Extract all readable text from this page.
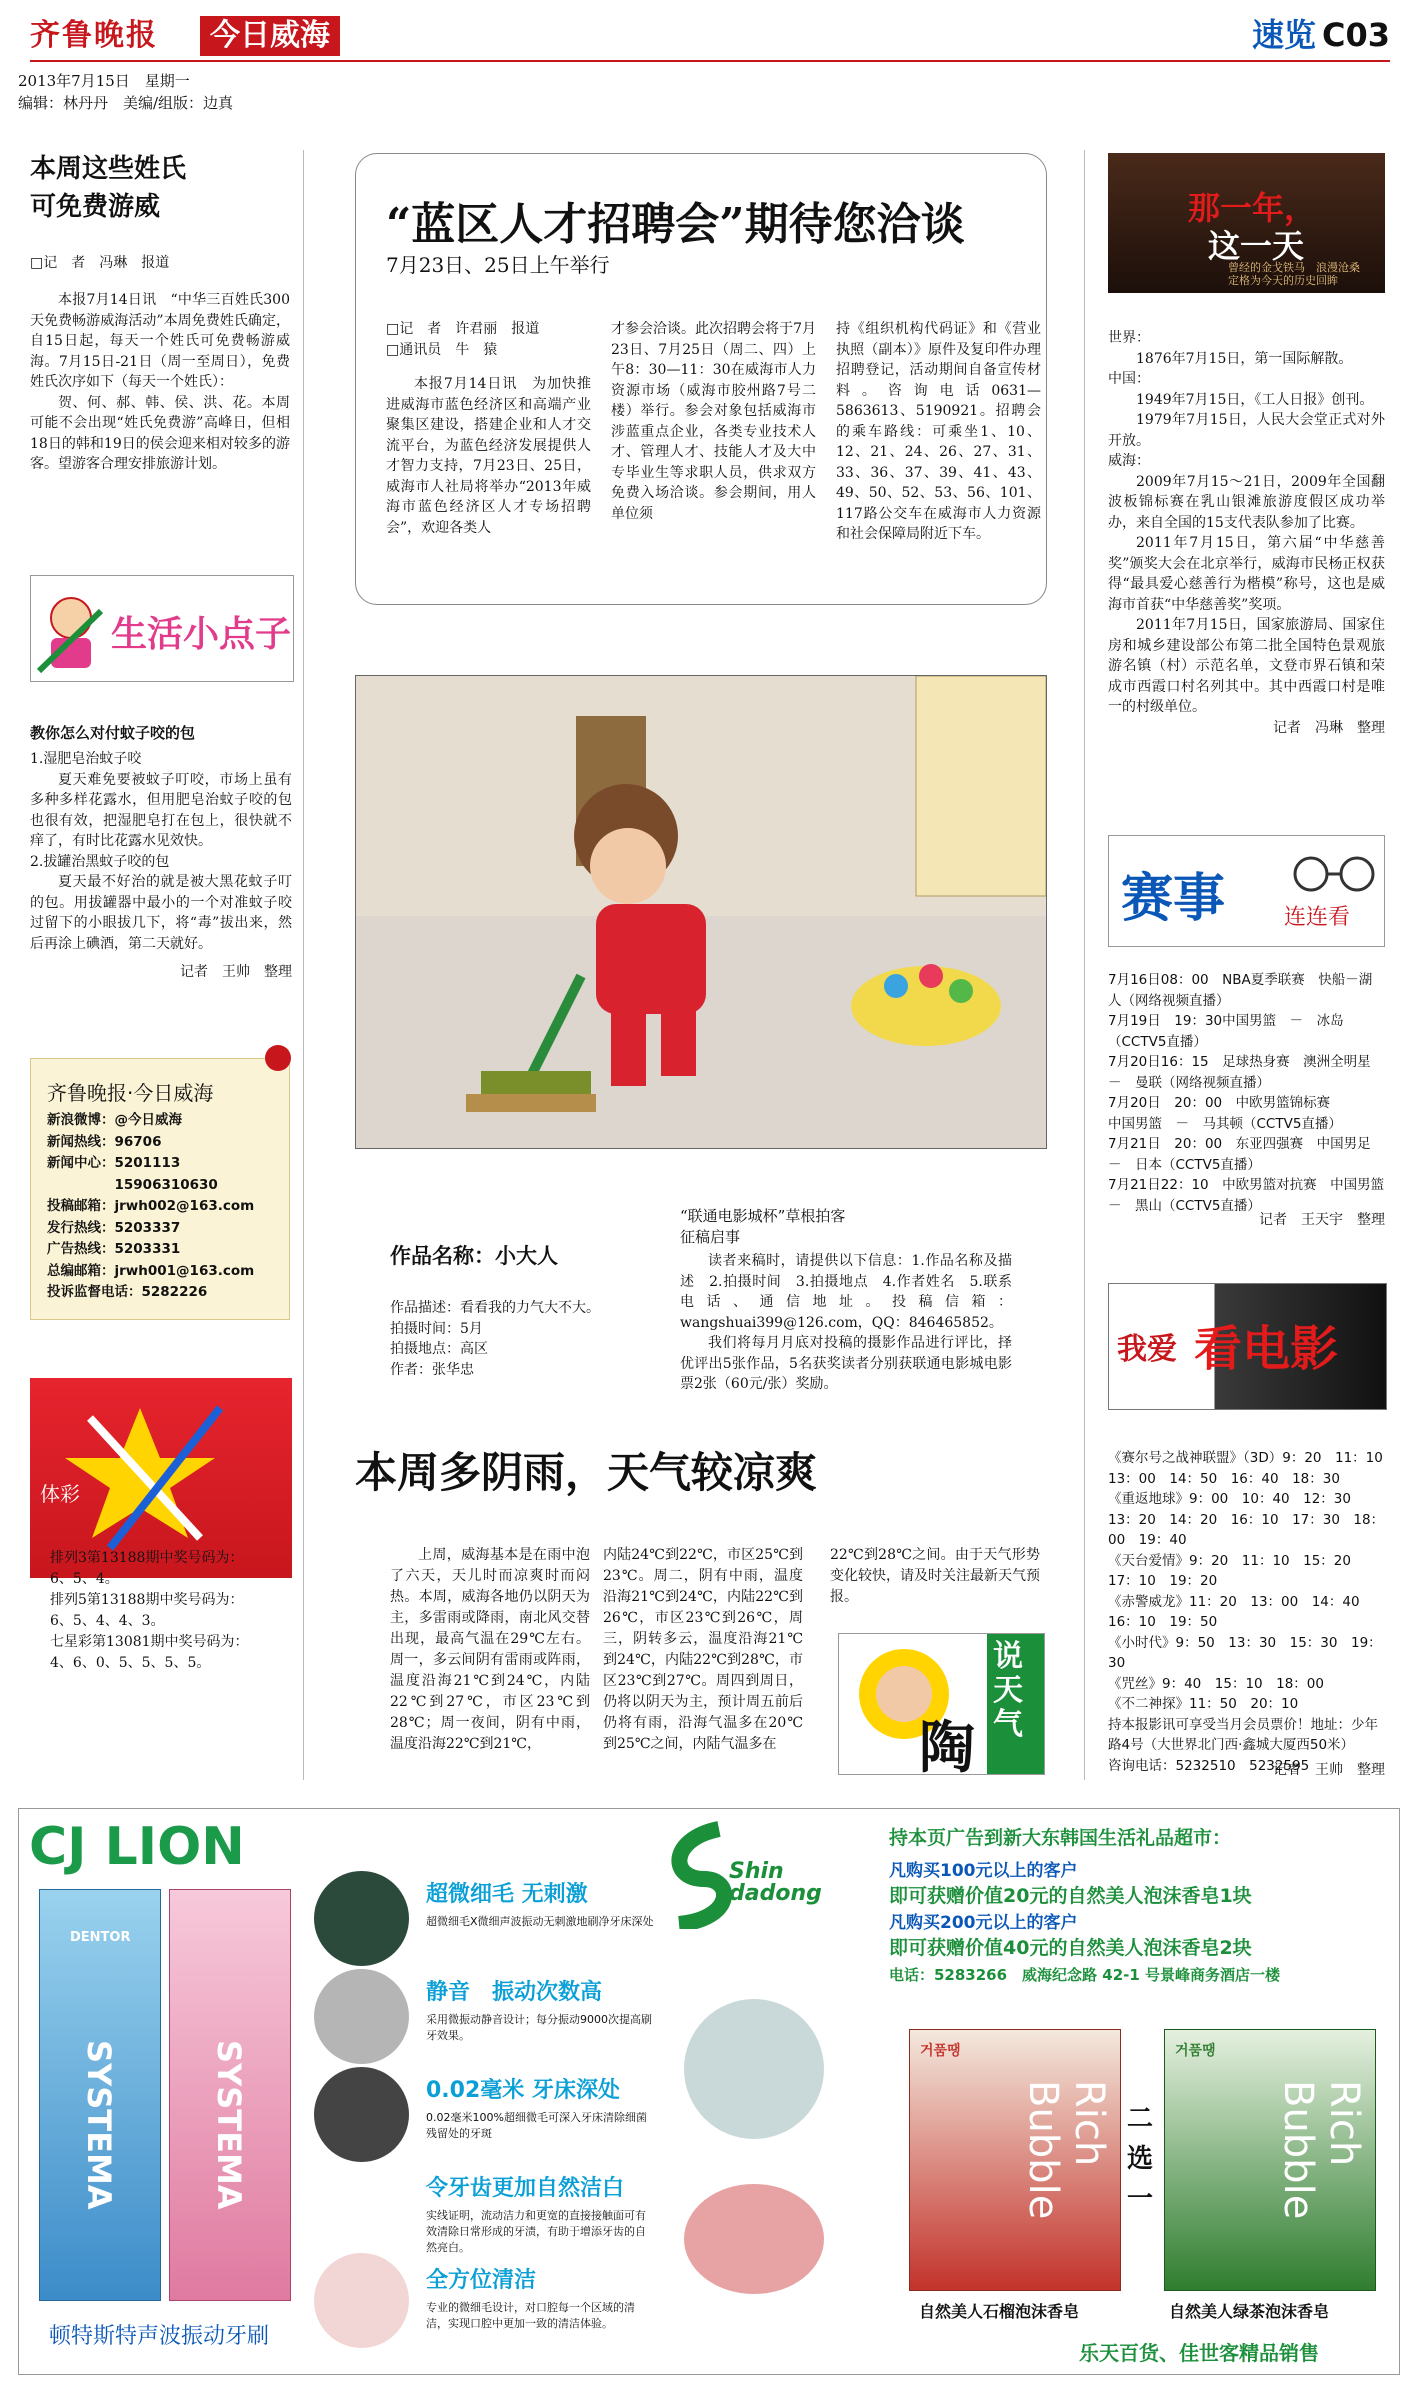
齐鲁晚报	今日威海	速览 C03
2013年7月15日　星期一
编辑：林丹丹　美编/组版：边真
本周这些姓氏
可免费游威
□记　者　冯琳　报道

本报7月14日讯　“中华三百姓氏300天免费畅游威海活动”本周免费姓氏确定，自15日起，每天一个姓氏可免费畅游威海。7月15日-21日（周一至周日），免费姓氏次序如下（每天一个姓氏）：

贺、何、郝、韩、侯、洪、花。本周可能不会出现“姓氏免费游”高峰日，但相18日的韩和19日的侯会迎来相对较多的游客。望游客合理安排旅游计划。

生活小点子
教你怎么对付蚊子咬的包
1.湿肥皂治蚊子咬

夏天难免要被蚊子叮咬，市场上虽有多种多样花露水，但用肥皂治蚊子咬的包也很有效，把湿肥皂打在包上，很快就不痒了，有时比花露水见效快。

2.拔罐治黑蚊子咬的包

夏天最不好治的就是被大黑花蚊子叮的包。用拔罐器中最小的一个对准蚊子咬过留下的小眼拔几下，将“毒”拔出来，然后再涂上碘酒，第二天就好。

记者　王帅　整理
齐鲁晚报·今日威海
新浪微博：@今日威海
新闻热线：96706
新闻中心：5201113
　　　　　15906310630
投稿邮箱：jrwh002@163.com
发行热线：5203337
广告热线：5203331
总编邮箱：jrwh001@163.com
投诉监督电话：5282226
体彩
排列3第13188期中奖号码为：6、5、4。
排列5第13188期中奖号码为：6、5、4、4、3。
七星彩第13081期中奖号码为：4、6、0、5、5、5、5。
“蓝区人才招聘会”期待您洽谈
7月23日、25日上午举行
□记　者　许君丽　报道
□通讯员　牛　猿

本报7月14日讯　为加快推进威海市蓝色经济区和高端产业聚集区建设，搭建企业和人才交流平台，为蓝色经济发展提供人才智力支持，7月23日、25日，威海市人社局将举办“2013年威海市蓝色经济区人才专场招聘会”，欢迎各类人

才参会洽谈。此次招聘会将于7月23日、7月25日（周二、四）上午8：30—11：30在威海市人力资源市场（威海市胶州路7号二楼）举行。参会对象包括威海市涉蓝重点企业，各类专业技术人才、管理人才、技能人才及大中专毕业生等求职人员，供求双方免费入场洽谈。参会期间，用人单位须

持《组织机构代码证》和《营业执照（副本）》原件及复印件办理招聘登记，活动期间自备宣传材料。咨询电话0631—5863613、5190921。招聘会的乘车路线：可乘坐1、10、12、21、24、26、27、31、33、36、37、39、41、43、49、50、52、53、56、101、117路公交车在威海市人力资源和社会保障局附近下车。

作品名称：小大人
作品描述：看看我的力气大不大。
拍摄时间：5月
拍摄地点：高区
作者：张华忠
“联通电影城杯”草根拍客
征稿启事

读者来稿时，请提供以下信息：1.作品名称及描述　2.拍摄时间　3.拍摄地点　4.作者姓名　5.联系电话、通信地址。投稿信箱：wangshuai399@126.com，QQ：846465852。

我们将每月月底对投稿的摄影作品进行评比，择优评出5张作品，5名获奖读者分别获联通电影城电影票2张（60元/张）奖励。

本周多阴雨，天气较凉爽

上周，威海基本是在雨中泡了六天，天儿时而凉爽时而闷热。本周，威海各地仍以阴天为主，多雷雨或降雨，南北风交替出现，最高气温在29℃左右。周一，多云间阴有雷雨或阵雨，温度沿海21℃到24℃，内陆22℃到27℃，市区23℃到28℃；周一夜间，阴有中雨，温度沿海22℃到21℃，

内陆24℃到22℃，市区25℃到23℃。周二，阴有中雨，温度沿海21℃到24℃，内陆22℃到26℃，市区23℃到26℃，周三，阴转多云，温度沿海21℃到24℃，内陆22℃到28℃，市区23℃到27℃。周四到周日，仍将以阴天为主，预计周五前后仍将有雨，沿海气温多在20℃到25℃之间，内陆气温多在

22℃到28℃之间。由于天气形势变化较快，请及时关注最新天气预报。

说天气
陶
那一年，
这一天
曾经的金戈铁马　浪漫沧桑
定格为今天的历史回眸
世界：

1876年7月15日，第一国际解散。

中国：

1949年7月15日，《工人日报》创刊。

1979年7月15日，人民大会堂正式对外开放。

威海：

2009年7月15～21日，2009年全国翻波板锦标赛在乳山银滩旅游度假区成功举办，来自全国的15支代表队参加了比赛。

2011年7月15日，第六届“中华慈善奖”颁奖大会在北京举行，威海市民杨正权获得“最具爱心慈善行为楷模”称号，这也是威海市首获“中华慈善奖”奖项。

2011年7月15日，国家旅游局、国家住房和城乡建设部公布第二批全国特色景观旅游名镇（村）示范名单，文登市界石镇和荣成市西霞口村名列其中。其中西霞口村是唯一的村级单位。

记者　冯琳　整理
赛事	连连看
7月16日08：00　NBA夏季联赛　快船－湖人（网络视频直播）
7月19日　19：30中国男篮　－　冰岛（CCTV5直播）
7月20日16：15　足球热身赛　澳洲全明星　－　曼联（网络视频直播）
7月20日　20：00　中欧男篮锦标赛
中国男篮　－　马其顿（CCTV5直播）
7月21日　20：00　东亚四强赛　中国男足　－　日本（CCTV5直播）
7月21日22：10　中欧男篮对抗赛　中国男篮　－　黑山（CCTV5直播）
记者　王天宇　整理
我爱 看电影
《赛尔号之战神联盟》（3D）9：20　11：10　13：00　14：50　16：40　18：30
《重返地球》9：00　10：40　12：30　13：20　14：20　16：10　17：30　18：00　19：40
《天台爱情》9：20　11：10　15：20　17：10　19：20
《赤警威龙》11：20　13：00　14：40　16：10　19：50
《小时代》9：50　13：30　15：30　19：30
《咒丝》9：40　15：10　18：00
《不二神探》11：50　20：10
持本报影讯可享受当月会员票价！地址：少年路4号（大世界北门西·鑫城大厦西50米）
咨询电话：5232510　5232595
记者　王帅　整理
CJ LION
DENTOR
SYSTEMA	SYSTEMA
顿特斯特声波振动牙刷
超微细毛 无刺激
超微细毛X微细声波振动无刺激地刷净牙床深处
静音　振动次数高
采用微振动静音设计；每分振动9000次提高刷牙效果。
0.02毫米 牙床深处
0.02毫米100%超细微毛可深入牙床清除细菌残留处的牙斑
令牙齿更加自然洁白
实线证明，流动洁力和更宽的直接接触面可有效清除日常形成的牙渍，有助于增添牙齿的自然亮白。
全方位清洁
专业的微细毛设计，对口腔每一个区域的清洁，实现口腔中更加一致的清洁体验。
Shin dadong
持本页广告到新大东韩国生活礼品超市：
凡购买100元以上的客户
即可获赠价值20元的自然美人泡沫香皂1块
凡购买200元以上的客户
即可获赠价值40元的自然美人泡沫香皂2块
电话：5283266　威海纪念路 42-1 号景峰商务酒店一楼
거품땡
Rich Bubble
거품땡
Rich Bubble
二选一
自然美人石榴泡沫香皂	自然美人绿茶泡沫香皂
乐天百货、佳世客精品销售
